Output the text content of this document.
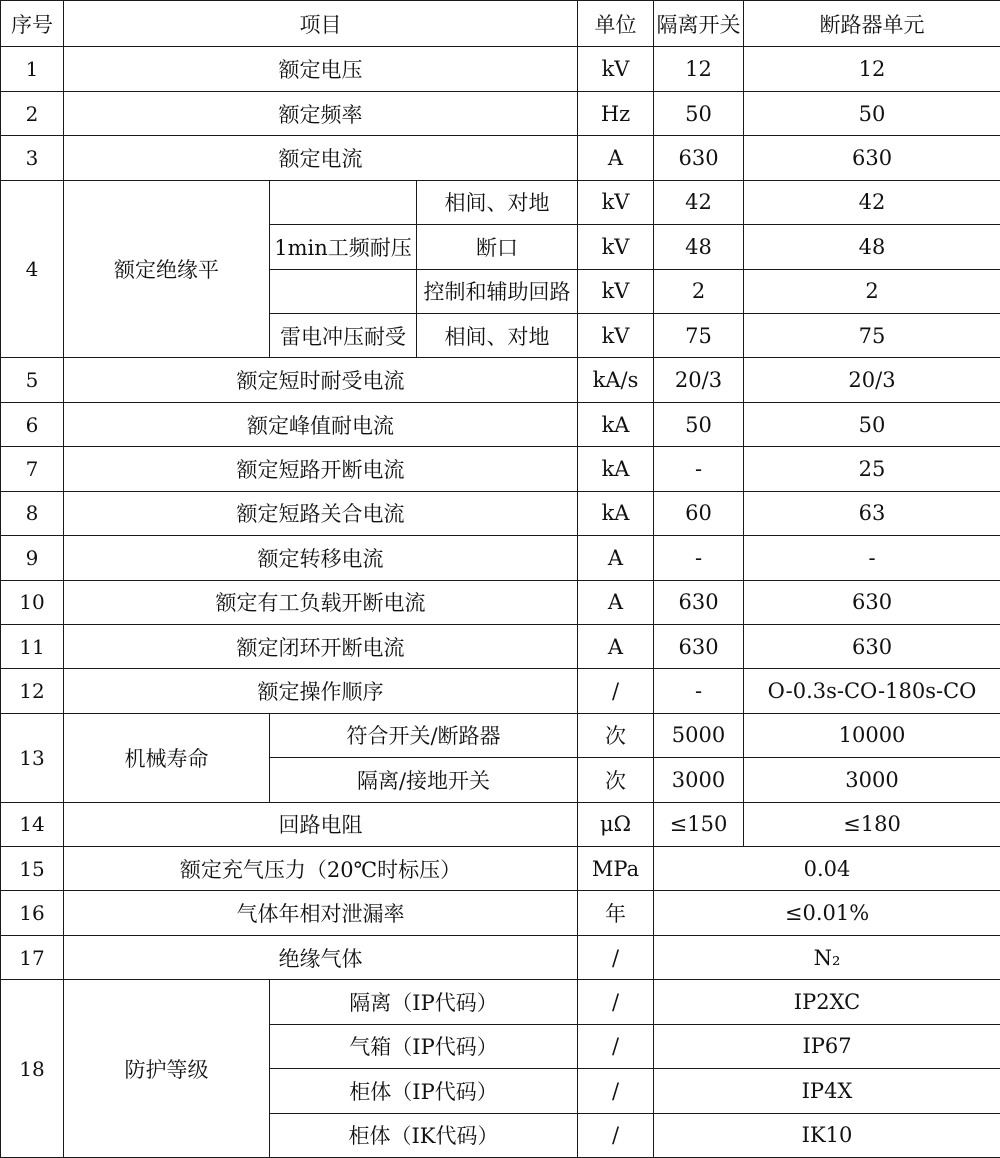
序号	项目			单位	隔离开关	断路器单元
1	额定电压			kV	12	12
2	额定频率			Hz	50	50
3	额定电流			A	630	630
4	额定绝缘平		相间、对地	kV	42	42
		1min工频耐压	断口	kV	48	48
			控制和辅助回路	kV	2	2
		雷电冲压耐受	相间、对地	kV	75	75
5	额定短时耐受电流			kA/s	20/3	20/3
6	额定峰值耐电流			kA	50	50
7	额定短路开断电流			kA	-	25
8	额定短路关合电流			kA	60	63
9	额定转移电流			A	-	-
10	额定有工负载开断电流			A	630	630
11	额定闭环开断电流			A	630	630
12	额定操作顺序			/	-	O-0.3s-CO-180s-CO
13	机械寿命	符合开关/断路器		次	5000	10000
		隔离/接地开关		次	3000	3000
14	回路电阻			μΩ	≤150	≤180
15	额定充气压力（20℃时标压）			MPa	0.04	
16	气体年相对泄漏率			年	≤0.01%	
17	绝缘气体			/	N₂	
18	防护等级	隔离（IP代码）		/	IP2XC	
		气箱（IP代码）		/	IP67	
		柜体（IP代码）		/	IP4X	
		柜体（IK代码）		/	IK10	
